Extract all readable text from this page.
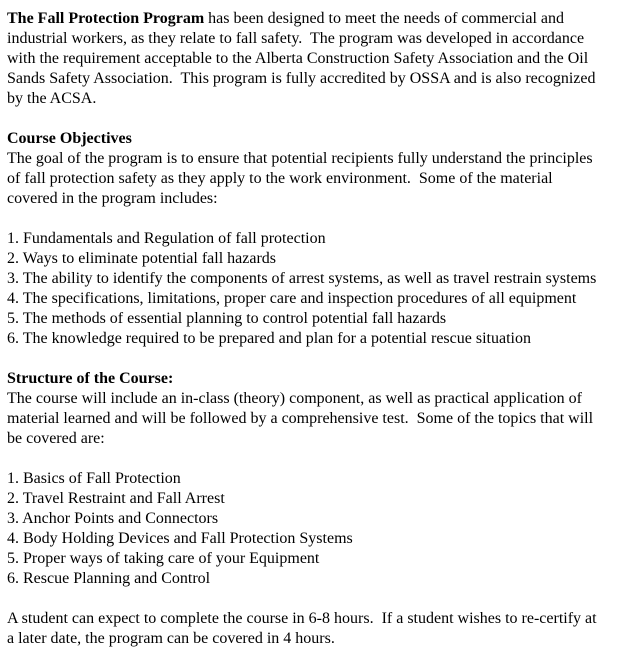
The Fall Protection Program has been designed to meet the needs of commercial and
industrial workers, as they relate to fall safety.  The program was developed in accordance
with the requirement acceptable to the Alberta Construction Safety Association and the Oil
Sands Safety Association.  This program is fully accredited by OSSA and is also recognized
by the ACSA.
Course Objectives
The goal of the program is to ensure that potential recipients fully understand the principles
of fall protection safety as they apply to the work environment.  Some of the material
covered in the program includes:
1. Fundamentals and Regulation of fall protection
2. Ways to eliminate potential fall hazards
3. The ability to identify the components of arrest systems, as well as travel restrain systems
4. The specifications, limitations, proper care and inspection procedures of all equipment
5. The methods of essential planning to control potential fall hazards
6. The knowledge required to be prepared and plan for a potential rescue situation
Structure of the Course:
The course will include an in-class (theory) component, as well as practical application of
material learned and will be followed by a comprehensive test.  Some of the topics that will
be covered are:
1. Basics of Fall Protection
2. Travel Restraint and Fall Arrest
3. Anchor Points and Connectors
4. Body Holding Devices and Fall Protection Systems
5. Proper ways of taking care of your Equipment
6. Rescue Planning and Control
A student can expect to complete the course in 6-8 hours.  If a student wishes to re-certify at
a later date, the program can be covered in 4 hours.
